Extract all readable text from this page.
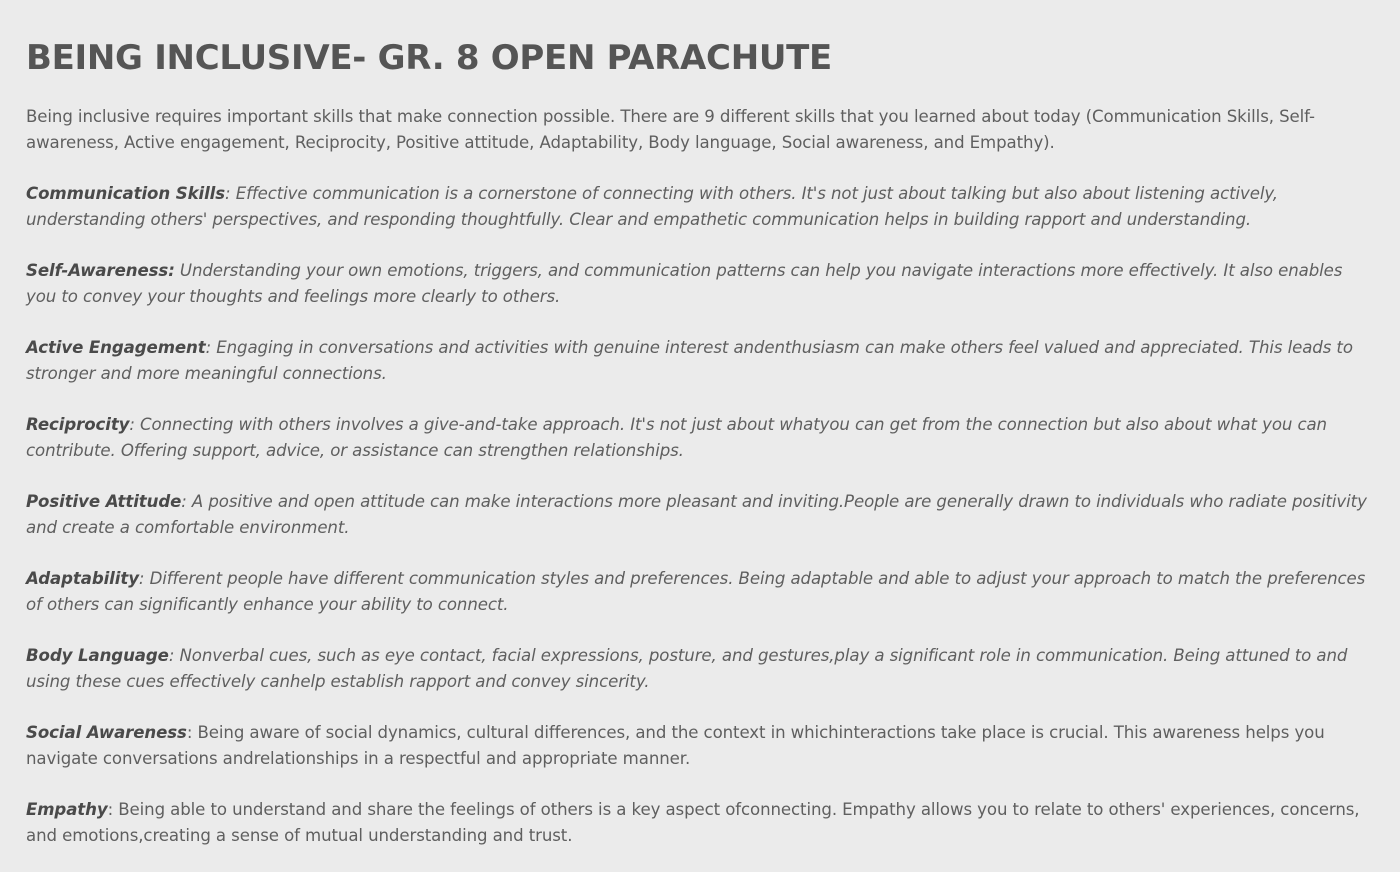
BEING INCLUSIVE- GR. 8 OPEN PARACHUTE

Being inclusive requires important skills that make connection possible. There are 9 different skills that you learned about today (Communication Skills, Self-awareness, Active engagement, Reciprocity, Positive attitude, Adaptability, Body language, Social awareness, and Empathy).

Communication Skills: Effective communication is a cornerstone of connecting with others. It's not just about talking but also about listening actively, understanding others' perspectives, and responding thoughtfully. Clear and empathetic communication helps in building rapport and understanding.

Self-Awareness: Understanding your own emotions, triggers, and communication patterns can help you navigate interactions more effectively. It also enables you to convey your thoughts and feelings more clearly to others.

Active Engagement: Engaging in conversations and activities with genuine interest andenthusiasm can make others feel valued and appreciated. This leads to stronger and more meaningful connections.

Reciprocity: Connecting with others involves a give-and-take approach. It's not just about whatyou can get from the connection but also about what you can contribute. Offering support, advice, or assistance can strengthen relationships.

Positive Attitude: A positive and open attitude can make interactions more pleasant and inviting.People are generally drawn to individuals who radiate positivity and create a comfortable environment.

Adaptability: Different people have different communication styles and preferences. Being adaptable and able to adjust your approach to match the preferences of others can significantly enhance your ability to connect.

Body Language: Nonverbal cues, such as eye contact, facial expressions, posture, and gestures,play a significant role in communication. Being attuned to and using these cues effectively canhelp establish rapport and convey sincerity.

Social Awareness: Being aware of social dynamics, cultural differences, and the context in whichinteractions take place is crucial. This awareness helps you navigate conversations andrelationships in a respectful and appropriate manner.

Empathy: Being able to understand and share the feelings of others is a key aspect ofconnecting. Empathy allows you to relate to others' experiences, concerns, and emotions,creating a sense of mutual understanding and trust.
